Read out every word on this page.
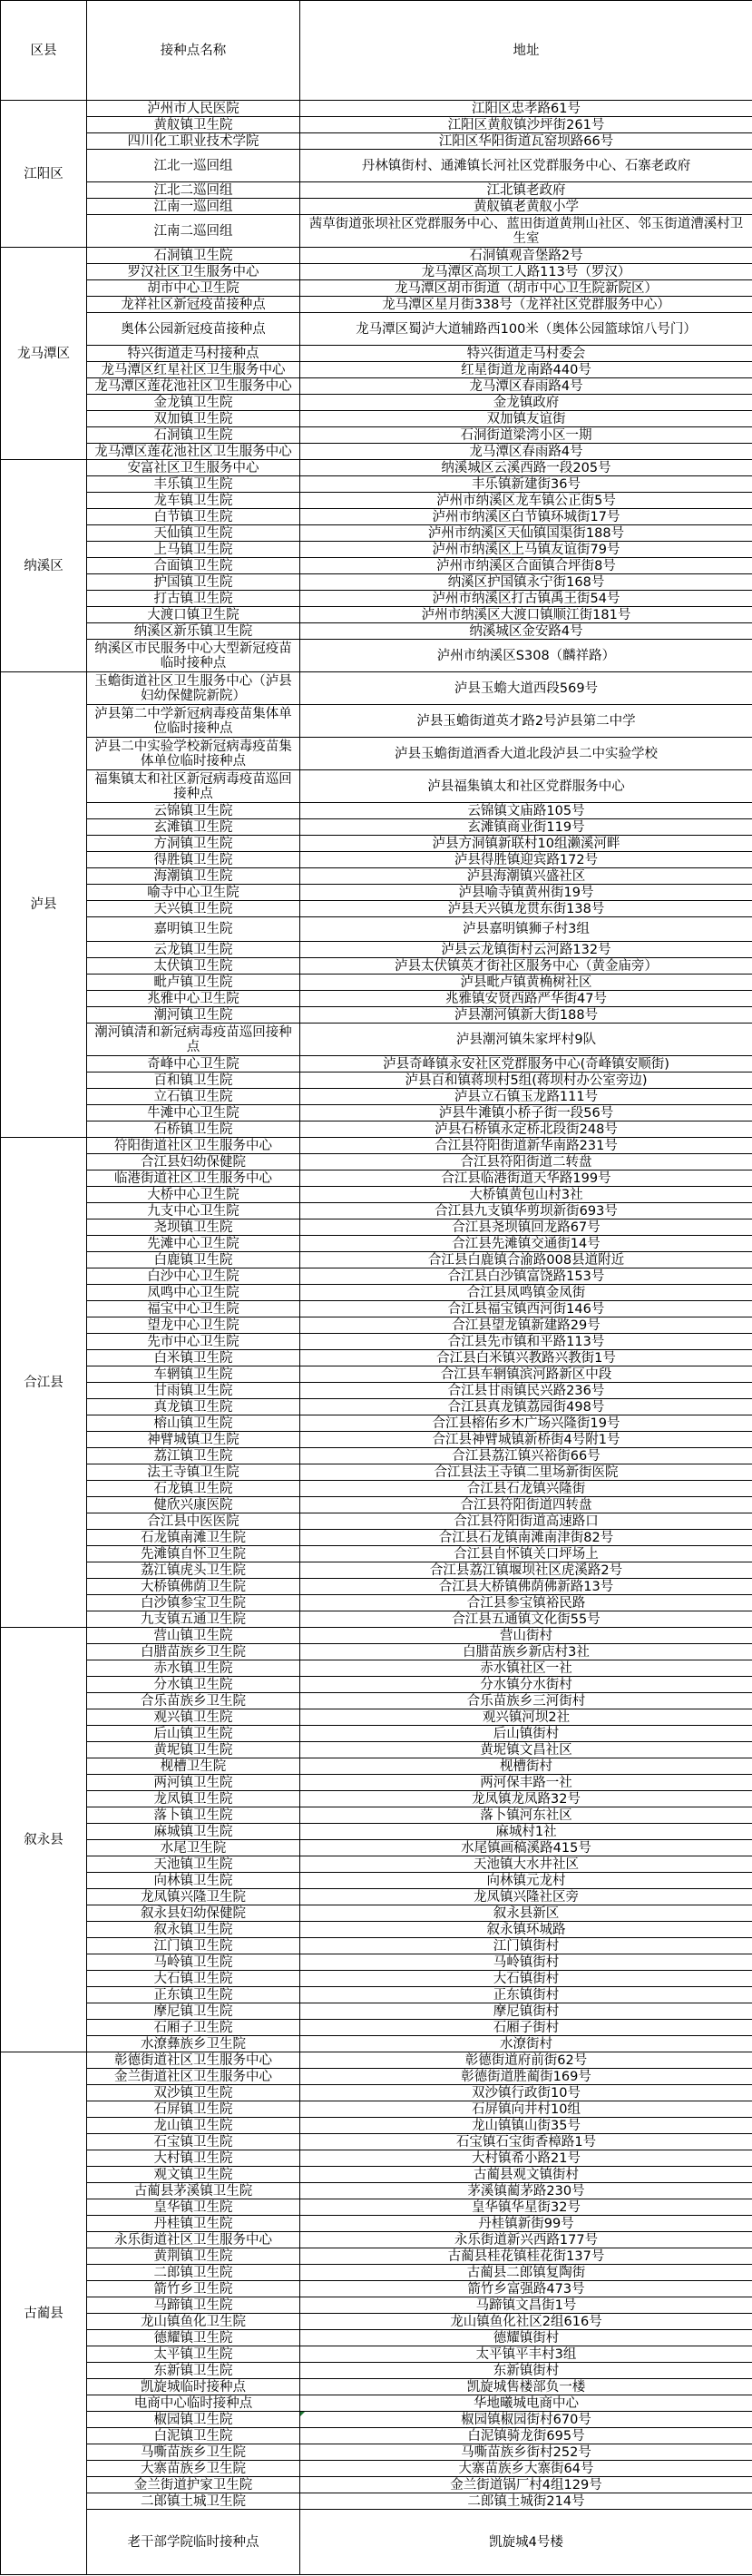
区县	接种点名称	地址
江阳区	泸州市人民医院	江阳区忠孝路61号
	黄舣镇卫生院	江阳区黄舣镇沙坪街261号
	四川化工职业技术学院	江阳区华阳街道瓦窑坝路66号
	江北一巡回组	丹林镇街村、通滩镇长河社区党群服务中心、石寨老政府
	江北二巡回组	江北镇老政府
	江南一巡回组	黄舣镇老黄舣小学
	江南二巡回组	茜草街道张坝社区党群服务中心、蓝田街道黄荆山社区、邻玉街道漕溪村卫生室
龙马潭区	石洞镇卫生院	石洞镇观音堡路2号
	罗汉社区卫生服务中心	龙马潭区高坝工人路113号（罗汉）
	胡市中心卫生院	龙马潭区胡市街道（胡市中心卫生院新院区）
	龙祥社区新冠疫苗接种点	龙马潭区星月街338号（龙祥社区党群服务中心）
	奥体公园新冠疫苗接种点	龙马潭区蜀泸大道辅路西100米（奥体公园篮球馆八号门）
	特兴街道走马村接种点	特兴街道走马村委会
	龙马潭区红星社区卫生服务中心	红星街道龙南路440号
	龙马潭区莲花池社区卫生服务中心	龙马潭区春雨路4号
	金龙镇卫生院	金龙镇政府
	双加镇卫生院	双加镇友谊街
	石洞镇卫生院	石洞街道梁湾小区一期
	龙马潭区莲花池社区卫生服务中心	龙马潭区春雨路4号
纳溪区	安富社区卫生服务中心	纳溪城区云溪西路一段205号
	丰乐镇卫生院	丰乐镇新建街36号
	龙车镇卫生院	泸州市纳溪区龙车镇公正街5号
	白节镇卫生院	泸州市纳溪区白节镇环城街17号
	天仙镇卫生院	泸州市纳溪区天仙镇国渠街188号
	上马镇卫生院	泸州市纳溪区上马镇友谊街79号
	合面镇卫生院	泸州市纳溪区合面镇合坪街8号
	护国镇卫生院	纳溪区护国镇永宁街168号
	打古镇卫生院	泸州市纳溪区打古镇禹王街54号
	大渡口镇卫生院	泸州市纳溪区大渡口镇顺江街181号
	纳溪区新乐镇卫生院	纳溪城区金安路4号
	纳溪区市民服务中心大型新冠疫苗临时接种点	泸州市纳溪区S308（麟祥路）
泸县	玉蟾街道社区卫生服务中心（泸县妇幼保健院新院）	泸县玉蟾大道西段569号
	泸县第二中学新冠病毒疫苗集体单位临时接种点	泸县玉蟾街道英才路2号泸县第二中学
	泸县二中实验学校新冠病毒疫苗集体单位临时接种点	泸县玉蟾街道酒香大道北段泸县二中实验学校
	福集镇太和社区新冠病毒疫苗巡回接种点	泸县福集镇太和社区党群服务中心
	云锦镇卫生院	云锦镇文庙路105号
	玄滩镇卫生院	玄滩镇商业街119号
	方洞镇卫生院	泸县方洞镇新联村10组濑溪河畔
	得胜镇卫生院	泸县得胜镇迎宾路172号
	海潮镇卫生院	泸县海潮镇兴盛社区
	喻寺中心卫生院	泸县喻寺镇黄州街19号
	天兴镇卫生院	泸县天兴镇龙贯东街138号
	嘉明镇卫生院	泸县嘉明镇狮子村3组
	云龙镇卫生院	泸县云龙镇街村云河路132号
	太伏镇卫生院	泸县太伏镇英才街社区服务中心（黄金庙旁）
	毗卢镇卫生院	泸县毗卢镇黄桷树社区
	兆雅中心卫生院	兆雅镇安贤西路严华街47号
	潮河镇卫生院	泸县潮河镇新大街188号
	潮河镇清和新冠病毒疫苗巡回接种点	泸县潮河镇朱家坪村9队
	奇峰中心卫生院	泸县奇峰镇永安社区党群服务中心(奇峰镇安顺街)
	百和镇卫生院	泸县百和镇蒋坝村5组(蒋坝村办公室旁边)
	立石镇卫生院	泸县立石镇玉龙路111号
	牛滩中心卫生院	泸县牛滩镇小桥子街一段56号
	石桥镇卫生院	泸县石桥镇永定桥北段街248号
合江县	符阳街道社区卫生服务中心	合江县符阳街道新华南路231号
	合江县妇幼保健院	合江县符阳街道二转盘
	临港街道社区卫生服务中心	合江县临港街道天华路199号
	大桥中心卫生院	大桥镇黄包山村3社
	九支中心卫生院	合江县九支镇华剪坝新街693号
	尧坝镇卫生院	合江县尧坝镇回龙路67号
	先滩中心卫生院	合江县先滩镇交通街14号
	白鹿镇卫生院	合江县白鹿镇合渝路008县道附近
	白沙中心卫生院	合江县白沙镇富饶路153号
	凤鸣中心卫生院	合江县凤鸣镇金凤街
	福宝中心卫生院	合江县福宝镇西河街146号
	望龙中心卫生院	合江县望龙镇新建路29号
	先市中心卫生院	合江县先市镇和平路113号
	白米镇卫生院	合江县白米镇兴教路兴教街1号
	车辋镇卫生院	合江县车辋镇滨河路新区中段
	甘雨镇卫生院	合江县甘雨镇民兴路236号
	真龙镇卫生院	合江县真龙镇荔园街498号
	榕山镇卫生院	合江县榕佑乡木广场兴隆街19号
	神臂城镇卫生院	合江县神臂城镇新桥街4号附1号
	荔江镇卫生院	合江县荔江镇兴裕街66号
	法王寺镇卫生院	合江县法王寺镇二里场新街医院
	石龙镇卫生院	合江县石龙镇兴隆街
	健欣兴康医院	合江县符阳街道四转盘
	合江县中医医院	合江县符阳街道高速路口
	石龙镇南滩卫生院	合江县石龙镇南滩南津街82号
	先滩镇自怀卫生院	合江县自怀镇关口坪场上
	荔江镇虎头卫生院	合江县荔江镇堰坝社区虎溪路2号
	大桥镇佛荫卫生院	合江县大桥镇佛荫佛新路13号
	白沙镇参宝卫生院	合江县参宝镇裕民路
	九支镇五通卫生院	合江县五通镇文化街55号
叙永县	营山镇卫生院	营山街村
	白腊苗族乡卫生院	白腊苗族乡新店村3社
	赤水镇卫生院	赤水镇社区一社
	分水镇卫生院	分水镇分水街村
	合乐苗族乡卫生院	合乐苗族乡三河街村
	观兴镇卫生院	观兴镇河坝2社
	后山镇卫生院	后山镇街村
	黄坭镇卫生院	黄坭镇文昌社区
	枧槽卫生院	枧槽街村
	两河镇卫生院	两河保丰路一社
	龙凤镇卫生院	龙凤镇龙凤路32号
	落卜镇卫生院	落卜镇河东社区
	麻城镇卫生院	麻城村1社
	水尾卫生院	水尾镇画稿溪路415号
	天池镇卫生院	天池镇大水井社区
	向林镇卫生院	向林镇元龙村
	龙凤镇兴隆卫生院	龙凤镇兴隆社区旁
	叙永县妇幼保健院	叙永县新区
	叙永镇卫生院	叙永镇环城路
	江门镇卫生院	江门镇街村
	马岭镇卫生院	马岭镇街村
	大石镇卫生院	大石镇街村
	正东镇卫生院	正东镇街村
	摩尼镇卫生院	摩尼镇街村
	石厢子卫生院	石厢子街村
	水潦彝族乡卫生院	水潦街村
古蔺县	彰德街道社区卫生服务中心	彰德街道府前街62号
	金兰街道社区卫生服务中心	彰德街道胜蔺街169号
	双沙镇卫生院	双沙镇行政街10号
	石屏镇卫生院	石屏镇向井村10组
	龙山镇卫生院	龙山镇镇山街35号
	石宝镇卫生院	石宝镇石宝街香樟路1号
	大村镇卫生院	大村镇希小路21号
	观文镇卫生院	古蔺县观文镇街村
	古蔺县茅溪镇卫生院	茅溪镇蔺茅路230号
	皇华镇卫生院	皇华镇华星街32号
	丹桂镇卫生院	丹桂镇新街99号
	永乐街道社区卫生服务中心	永乐街道新兴西路177号
	黄荆镇卫生院	古蔺县桂花镇桂花街137号
	二郎镇卫生院	古蔺县二郎镇复陶街
	箭竹乡卫生院	箭竹乡富强路473号
	马蹄镇卫生院	马蹄镇文昌街1号
	龙山镇鱼化卫生院	龙山镇鱼化社区2组616号
	德耀镇卫生院	德耀镇街村
	太平镇卫生院	太平镇平丰村3组
	东新镇卫生院	东新镇街村
	凯旋城临时接种点	凯旋城售楼部负一楼
	电商中心临时接种点	华地曦城电商中心
	椒园镇卫生院	椒园镇椒园街村670号
	白泥镇卫生院	白泥镇骑龙街695号
	马嘶苗族乡卫生院	马嘶苗族乡街村252号
	大寨苗族乡卫生院	大寨苗族乡大寨街64号
	金兰街道护家卫生院	金兰街道锅厂村4组129号
	二郎镇土城卫生院	二郎镇土城街214号
	老干部学院临时接种点	凯旋城4号楼
